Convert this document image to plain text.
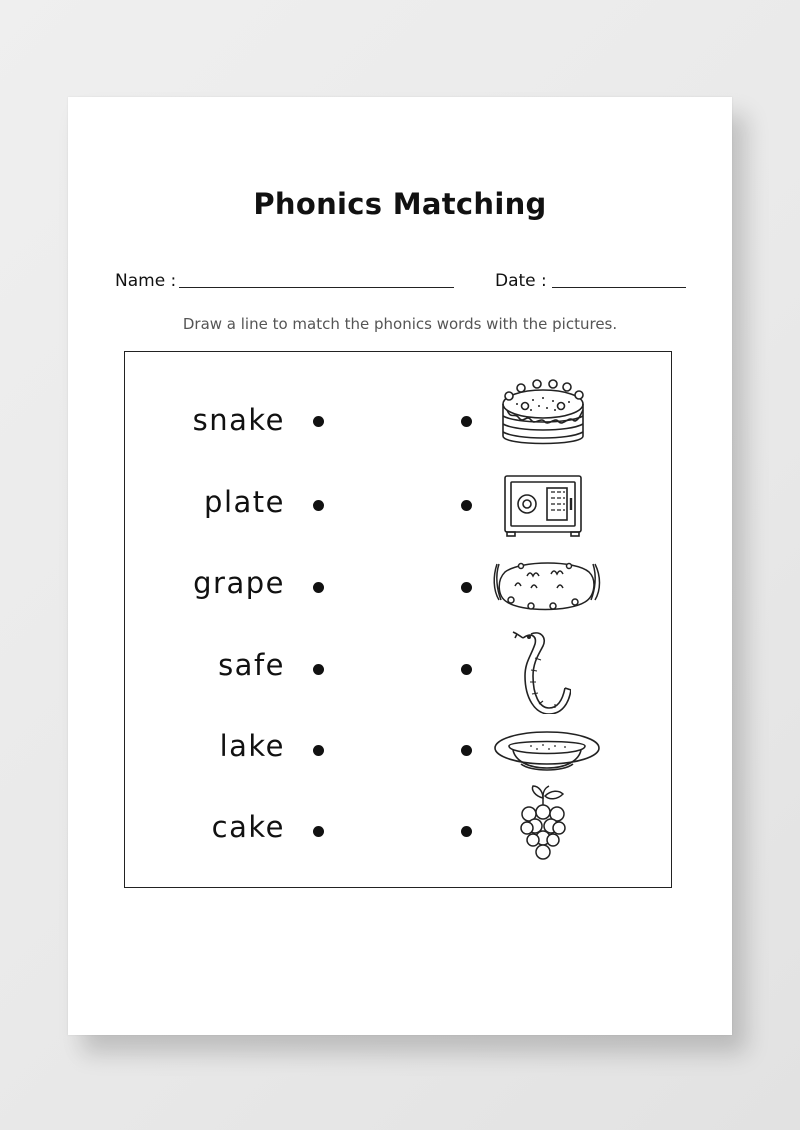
Phonics Matching
Name :	Date :
Draw a line to match the phonics words with the pictures.
snake
plate
grape
safe
lake
cake
